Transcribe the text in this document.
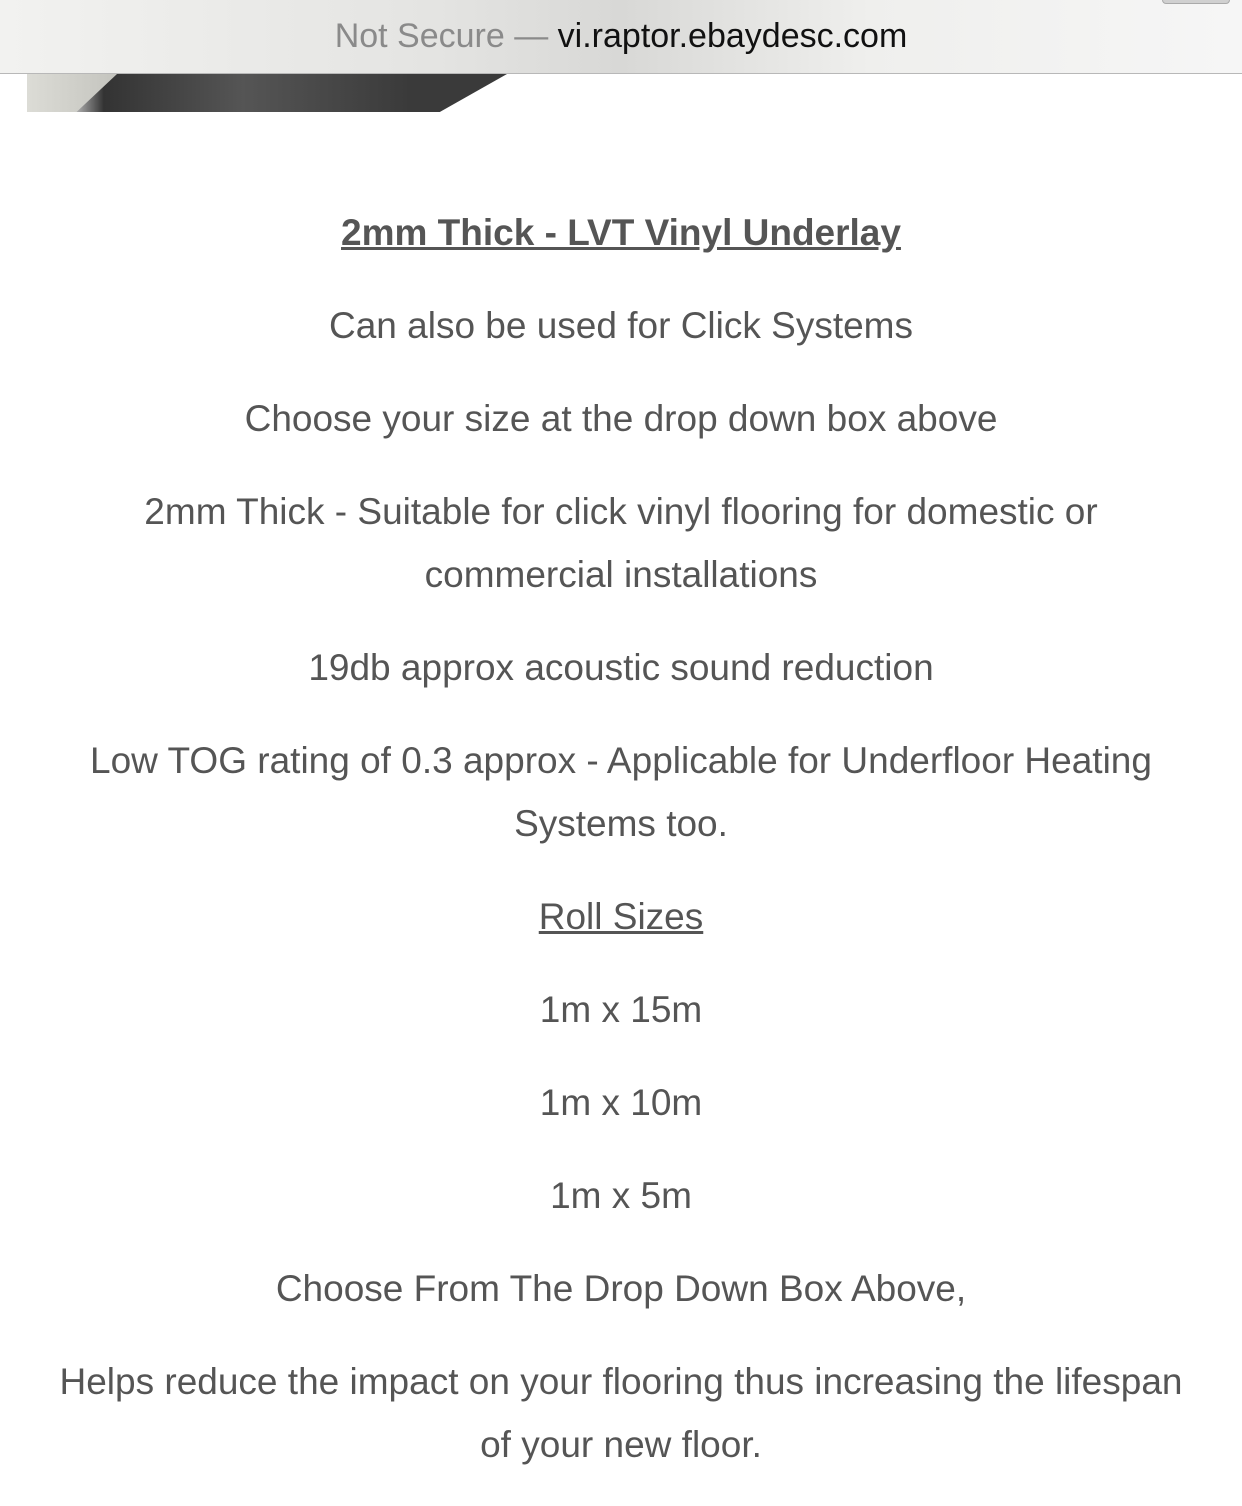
Not Secure — vi.raptor.ebaydesc.com

2mm Thick - LVT Vinyl Underlay

Can also be used for Click Systems

Choose your size at the drop down box above

2mm Thick - Suitable for click vinyl flooring for domestic or commercial installations

19db approx acoustic sound reduction

Low TOG rating of 0.3 approx - Applicable for Underfloor Heating Systems too.

Roll Sizes

1m x 15m

1m x 10m

1m x 5m

Choose From The Drop Down Box Above,

Helps reduce the impact on your flooring thus increasing the lifespan of your new floor.
